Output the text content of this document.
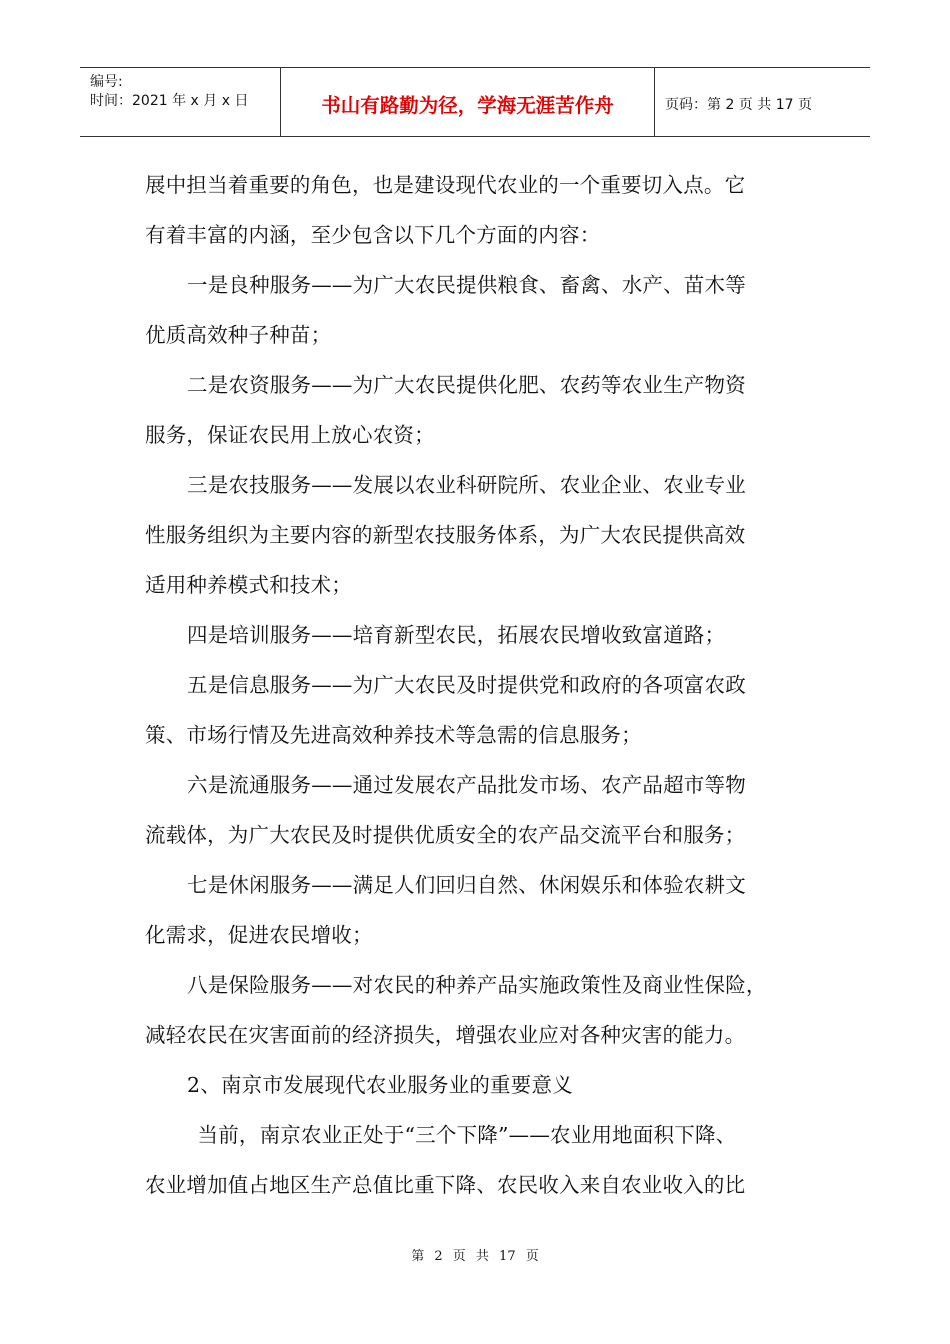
编号:
时间：2021 年 x 月 x 日	书山有路勤为径，学海无涯苦作舟	页码：第 2 页 共 17 页
展中担当着重要的角色，也是建设现代农业的一个重要切入点。它
有着丰富的内涵，至少包含以下几个方面的内容：
一是良种服务——为广大农民提供粮食、畜禽、水产、苗木等
优质高效种子种苗；
二是农资服务——为广大农民提供化肥、农药等农业生产物资
服务，保证农民用上放心农资；
三是农技服务——发展以农业科研院所、农业企业、农业专业
性服务组织为主要内容的新型农技服务体系，为广大农民提供高效
适用种养模式和技术；
四是培训服务——培育新型农民，拓展农民增收致富道路；
五是信息服务——为广大农民及时提供党和政府的各项富农政
策、市场行情及先进高效种养技术等急需的信息服务；
六是流通服务——通过发展农产品批发市场、农产品超市等物
流载体，为广大农民及时提供优质安全的农产品交流平台和服务；
七是休闲服务——满足人们回归自然、休闲娱乐和体验农耕文
化需求，促进农民增收；
八是保险服务——对农民的种养产品实施政策性及商业性保险，
减轻农民在灾害面前的经济损失，增强农业应对各种灾害的能力。
2、南京市发展现代农业服务业的重要意义
当前，南京农业正处于“三个下降”——农业用地面积下降、
农业增加值占地区生产总值比重下降、农民收入来自农业收入的比
第 2 页 共 17 页
